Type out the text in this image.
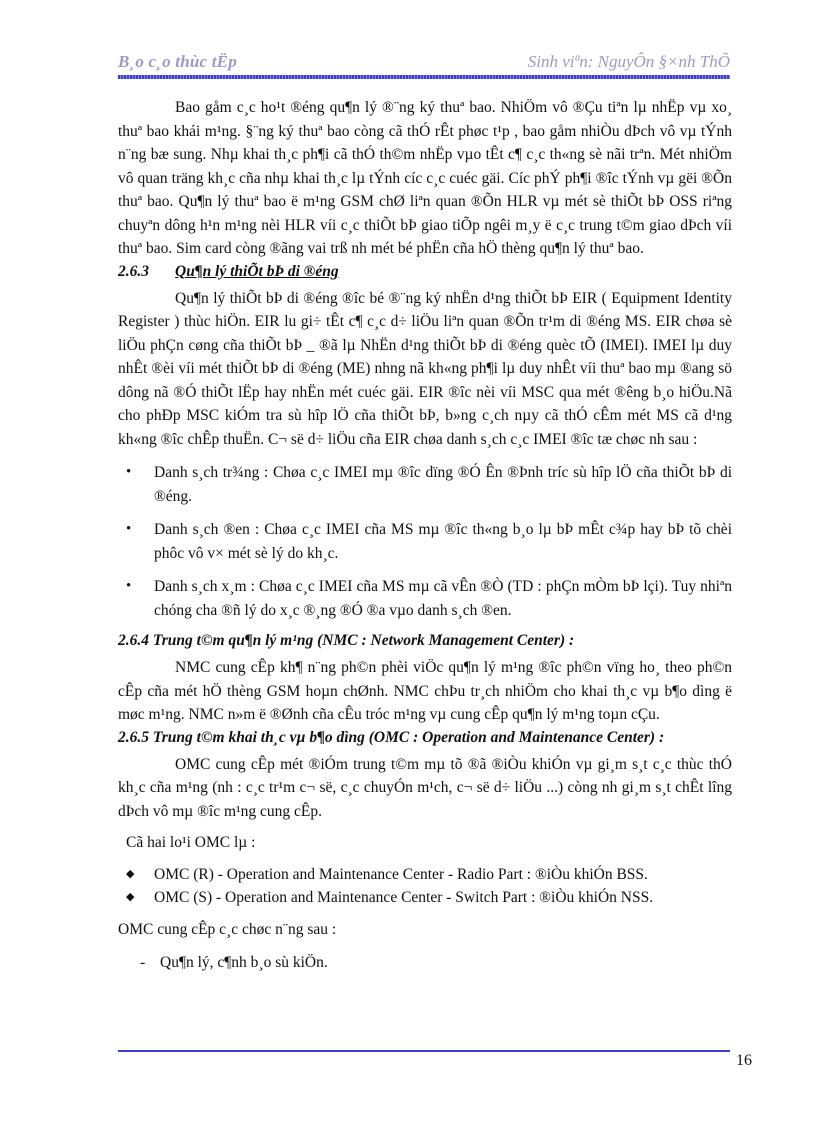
B¸o c¸o thùc tËp	Sinh viªn: NguyÔn §×nh ThÕ

Bao gåm c¸c ho¹t ®éng qu¶n lý ®¨ng ký thuª bao. NhiÖm vô ®Çu tiªn lµ nhËp vµ xo¸ thuª bao khái m¹ng. §¨ng ký thuª bao còng cã thÓ rÊt phøc t¹p , bao gåm nhiÒu dÞch vô vµ tÝnh n¨ng bæ sung. Nhµ khai th¸c ph¶i cã thÓ th©m nhËp vµo tÊt c¶ c¸c th«ng sè nãi trªn. Mét nhiÖm vô quan träng kh¸c cña nhµ khai th¸c lµ tÝnh cíc c¸c cuéc gäi. Cíc phÝ ph¶i ®îc tÝnh vµ gëi ®Õn thuª bao. Qu¶n lý thuª bao ë m¹ng GSM chØ liªn quan ®Õn HLR vµ mét sè thiÕt bÞ OSS riªng chuyªn dông h¹n m¹ng nèi HLR víi c¸c thiÕt bÞ giao tiÕp ngêi m¸y ë c¸c trung t©m giao dÞch víi thuª bao. Sim card còng ®ãng vai trß nh mét bé phËn cña hÖ thèng qu¶n lý thuª bao.

2.6.3 Qu¶n lý thiÕt bÞ di ®éng

Qu¶n lý thiÕt bÞ di ®éng ®îc bé ®¨ng ký nhËn d¹ng thiÕt bÞ EIR ( Equipment Identity Register ) thùc hiÖn. EIR lu gi÷ tÊt c¶ c¸c d÷ liÖu liªn quan ®Õn tr¹m di ®éng MS. EIR chøa sè liÖu phÇn cøng cña thiÕt bÞ _ ®ã lµ NhËn d¹ng thiÕt bÞ di ®éng quèc tÕ (IMEI). IMEI lµ duy nhÊt ®èi víi mét thiÕt bÞ di ®éng (ME) nhng nã kh«ng ph¶i lµ duy nhÊt víi thuª bao mµ ®ang sö dông nã ®Ó thiÕt lËp hay nhËn mét cuéc gäi. EIR ®îc nèi víi MSC qua mét ®êng b¸o hiÖu.Nã cho phÐp MSC kiÓm tra sù hîp lÖ cña thiÕt bÞ, b»ng c¸ch nµy cã thÓ cÊm mét MS cã d¹ng kh«ng ®îc chÊp thuËn. C¬ së d÷ liÖu cña EIR chøa danh s¸ch c¸c IMEI ®îc tæ chøc nh sau :

• Danh s¸ch tr¾ng : Chøa c¸c IMEI mµ ®îc dïng ®Ó Ên ®Þnh tríc sù hîp lÖ cña thiÕt bÞ di ®éng.
• Danh s¸ch ®en : Chøa c¸c IMEI cña MS mµ ®îc th«ng b¸o lµ bÞ mÊt c¾p hay bÞ tõ chèi phôc vô v× mét sè lý do kh¸c.
• Danh s¸ch x¸m : Chøa c¸c IMEI cña MS mµ cã vÊn ®Ò (TD : phÇn mÒm bÞ lçi). Tuy nhiªn chóng cha ®ñ lý do x¸c ®¸ng ®Ó ®a vµo danh s¸ch ®en.
2.6.4 Trung t©m qu¶n lý m¹ng (NMC : Network Management Center) :

NMC cung cÊp kh¶ n¨ng ph©n phèi viÖc qu¶n lý m¹ng ®îc ph©n vïng ho¸ theo ph©n cÊp cña mét hÖ thèng GSM hoµn chØnh. NMC chÞu tr¸ch nhiÖm cho khai th¸c vµ b¶o dìng ë møc m¹ng. NMC n»m ë ®Ønh cña cÊu tróc m¹ng vµ cung cÊp qu¶n lý m¹ng toµn cÇu.

2.6.5 Trung t©m khai th¸c vµ b¶o dìng (OMC : Operation and Maintenance Center) :

OMC cung cÊp mét ®iÓm trung t©m mµ tõ ®ã ®iÒu khiÓn vµ gi¸m s¸t c¸c thùc thÓ kh¸c cña m¹ng (nh : c¸c tr¹m c¬ së, c¸c chuyÓn m¹ch, c¬ së d÷ liÖu ...) còng nh gi¸m s¸t chÊt lîng dÞch vô mµ ®îc m¹ng cung cÊp.

Cã hai lo¹i OMC lµ :

◆ OMC (R) - Operation and Maintenance Center - Radio Part : ®iÒu khiÓn BSS.
◆ OMC (S) - Operation and Maintenance Center - Switch Part : ®iÒu khiÓn NSS.

OMC cung cÊp c¸c chøc n¨ng sau :

- Qu¶n lý, c¶nh b¸o sù kiÖn.
16
